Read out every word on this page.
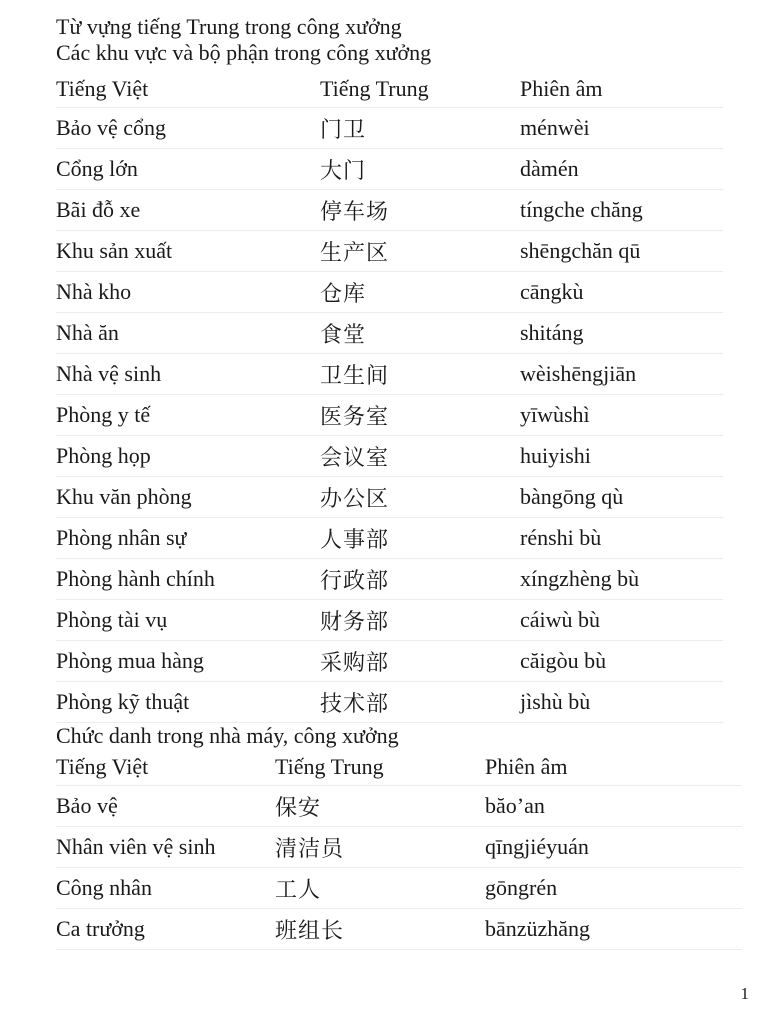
Từ vựng tiếng Trung trong công xưởng

Các khu vực và bộ phận trong công xưởng

Tiếng Việt	Tiếng Trung	Phiên âm
Bảo vệ cổng	门卫	ménwèi
Cổng lớn	大门	dàmén
Bãi đỗ xe	停车场	tíngche chăng
Khu sản xuất	生产区	shēngchăn qū
Nhà kho	仓库	cāngkù
Nhà ăn	食堂	shitáng
Nhà vệ sinh	卫生间	wèishēngjiān
Phòng y tế	医务室	yīwùshì
Phòng họp	会议室	huiyishi
Khu văn phòng	办公区	bàngōng qù
Phòng nhân sự	人事部	rénshi bù
Phòng hành chính	行政部	xíngzhèng bù
Phòng tài vụ	财务部	cáiwù bù
Phòng mua hàng	采购部	căigòu bù
Phòng kỹ thuật	技术部	jìshù bù

Chức danh trong nhà máy, công xưởng

Tiếng Việt	Tiếng Trung	Phiên âm
Bảo vệ	保安	băo’an
Nhân viên vệ sinh	清洁员	qīngjiéyuán
Công nhân	工人	gōngrén
Ca trưởng	班组长	bānzüzhăng
1
